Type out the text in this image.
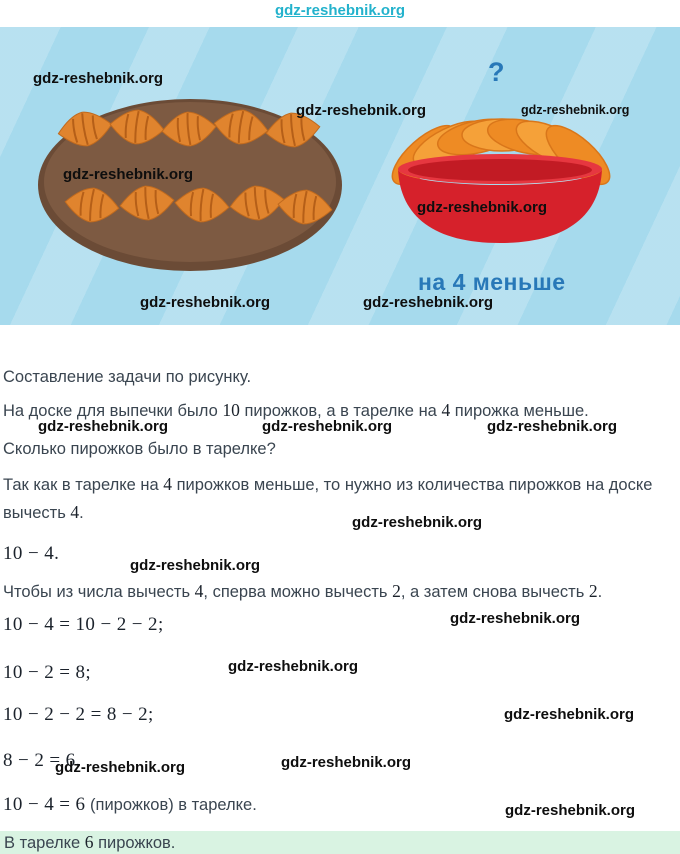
gdz-reshebnik.org
?
на 4 меньше

Составление задачи по рисунку.

На доске для выпечки было 10 пирожков, а в тарелке на 4 пирожка меньше.

Сколько пирожков было в тарелке?

Так как в тарелке на 4 пирожков меньше, то нужно из количества пирожков на доске вычесть 4.

10 − 4.

Чтобы из числа вычесть 4, сперва можно вычесть 2, а затем снова вычесть 2.

10 − 4 = 10 − 2 − 2;

10 − 2 = 8;

10 − 2 − 2 = 8 − 2;

8 − 2 = 6.

10 − 4 = 6 (пирожков) в тарелке.

В тарелке 6 пирожков.
gdz-reshebnik.org
gdz-reshebnik.org	gdz-reshebnik.org
gdz-reshebnik.org
gdz-reshebnik.org
gdz-reshebnik.org	gdz-reshebnik.org
gdz-reshebnik.org	gdz-reshebnik.org	gdz-reshebnik.org
gdz-reshebnik.org
gdz-reshebnik.org
gdz-reshebnik.org
gdz-reshebnik.org
gdz-reshebnik.org
gdz-reshebnik.org
gdz-reshebnik.org
gdz-reshebnik.org
